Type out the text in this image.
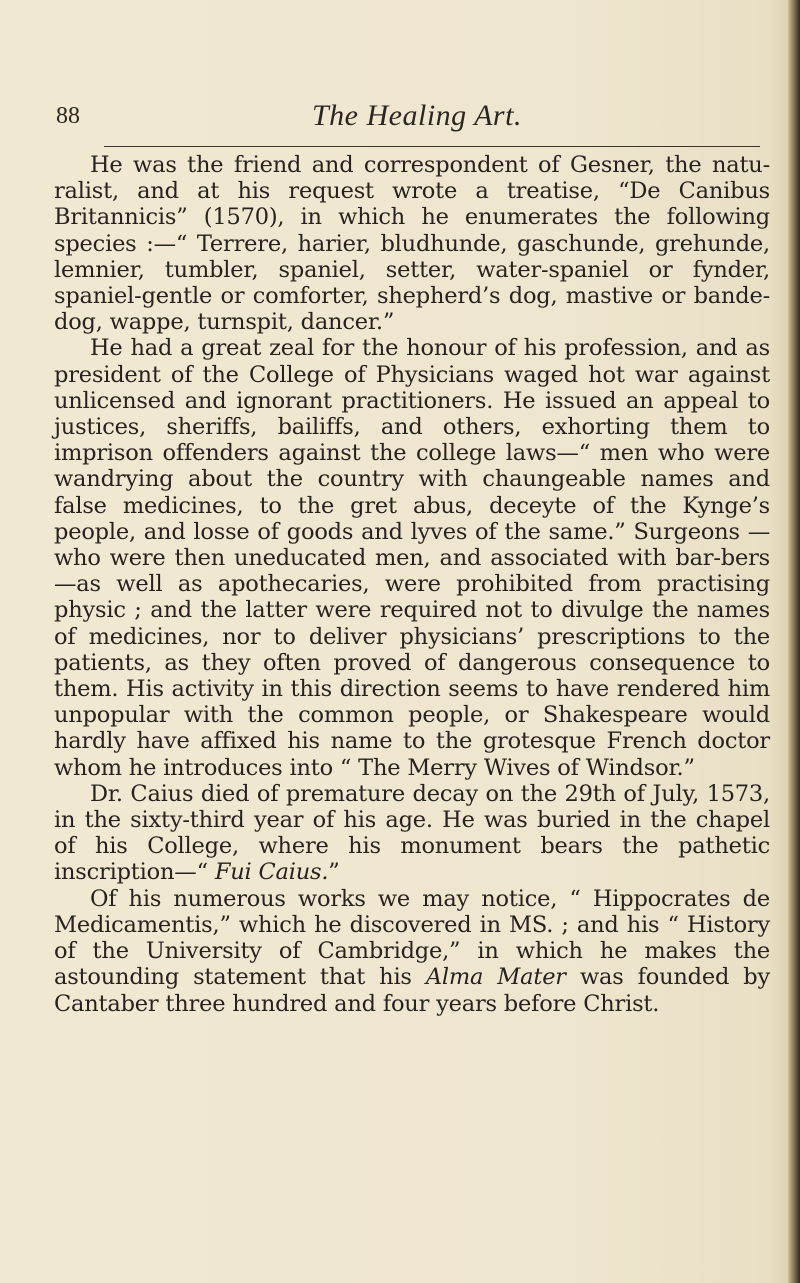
88	The Healing Art.

He was the friend and correspondent of Gesner, the natu-ralist, and at his request wrote a treatise, “De Canibus Britannicis” (1570), in which he enumerates the following species :—“ Terrere, harier, bludhunde, gaschunde, grehunde, lemnier, tumbler, spaniel, setter, water-spaniel or fynder, spaniel-gentle or comforter, shepherd’s dog, mastive or bande-dog, wappe, turnspit, dancer.”

He had a great zeal for the honour of his profession, and as president of the College of Physicians waged hot war against unlicensed and ignorant practitioners. He issued an appeal to justices, sheriffs, bailiffs, and others, exhorting them to imprison offenders against the college laws—“ men who were wandrying about the country with chaungeable names and false medicines, to the gret abus, deceyte of the Kynge’s people, and losse of goods and lyves of the same.” Surgeons —who were then uneducated men, and associated with bar-bers—as well as apothecaries, were prohibited from practising physic ; and the latter were required not to divulge the names of medicines, nor to deliver physicians’ prescriptions to the patients, as they often proved of dangerous consequence to them. His activity in this direction seems to have rendered him unpopular with the common people, or Shakespeare would hardly have affixed his name to the grotesque French doctor whom he introduces into “ The Merry Wives of Windsor.”

Dr. Caius died of premature decay on the 29th of July, 1573, in the sixty-third year of his age. He was buried in the chapel of his College, where his monument bears the pathetic inscription—“ Fui Caius.”

Of his numerous works we may notice, “ Hippocrates de Medicamentis,” which he discovered in MS. ; and his “ History of the University of Cambridge,” in which he makes the astounding statement that his Alma Mater was founded by Cantaber three hundred and four years before Christ.
